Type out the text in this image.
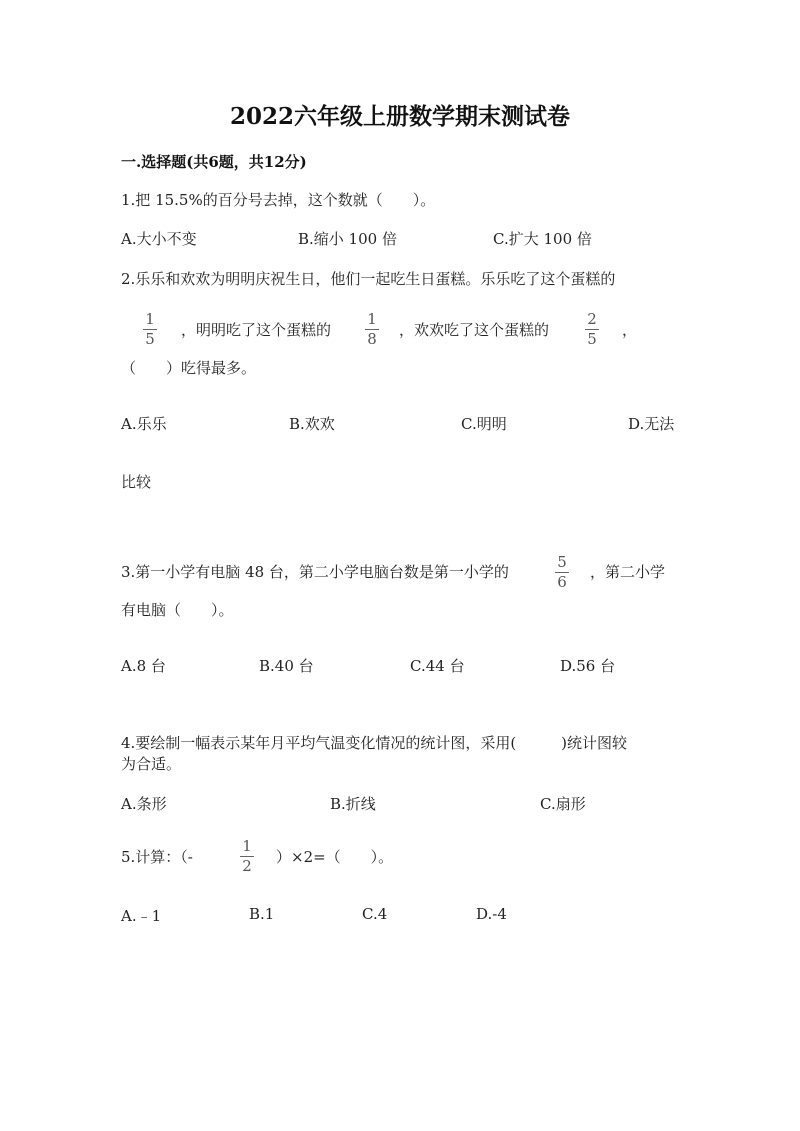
2022六年级上册数学期末测试卷
一.选择题(共6题，共12分)
1.把 15.5%的百分号去掉，这个数就（　　）。
A.大小不变	B.缩小 100 倍	C.扩大 100 倍
2.乐乐和欢欢为明明庆祝生日，他们一起吃生日蛋糕。乐乐吃了这个蛋糕的
1
5 ，明明吃了这个蛋糕的
1
8 ，欢欢吃了这个蛋糕的
2
5 ，
（　　）吃得最多。
A.乐乐	B.欢欢	C.明明	D.无法
比较
3.第一小学有电脑 48 台，第二小学电脑台数是第一小学的
5
6
，第二小学
有电脑（　　）。
A.8 台	B.40 台	C.44 台	D.56 台
4.要绘制一幅表示某年月平均气温变化情况的统计图，采用(　　　)统计图较
为合适。
A.条形	B.折线	C.扇形
5.计算：（-
1
2 ）×2=（　　）。
A.﹣1	B.1	C.4	D.-4
